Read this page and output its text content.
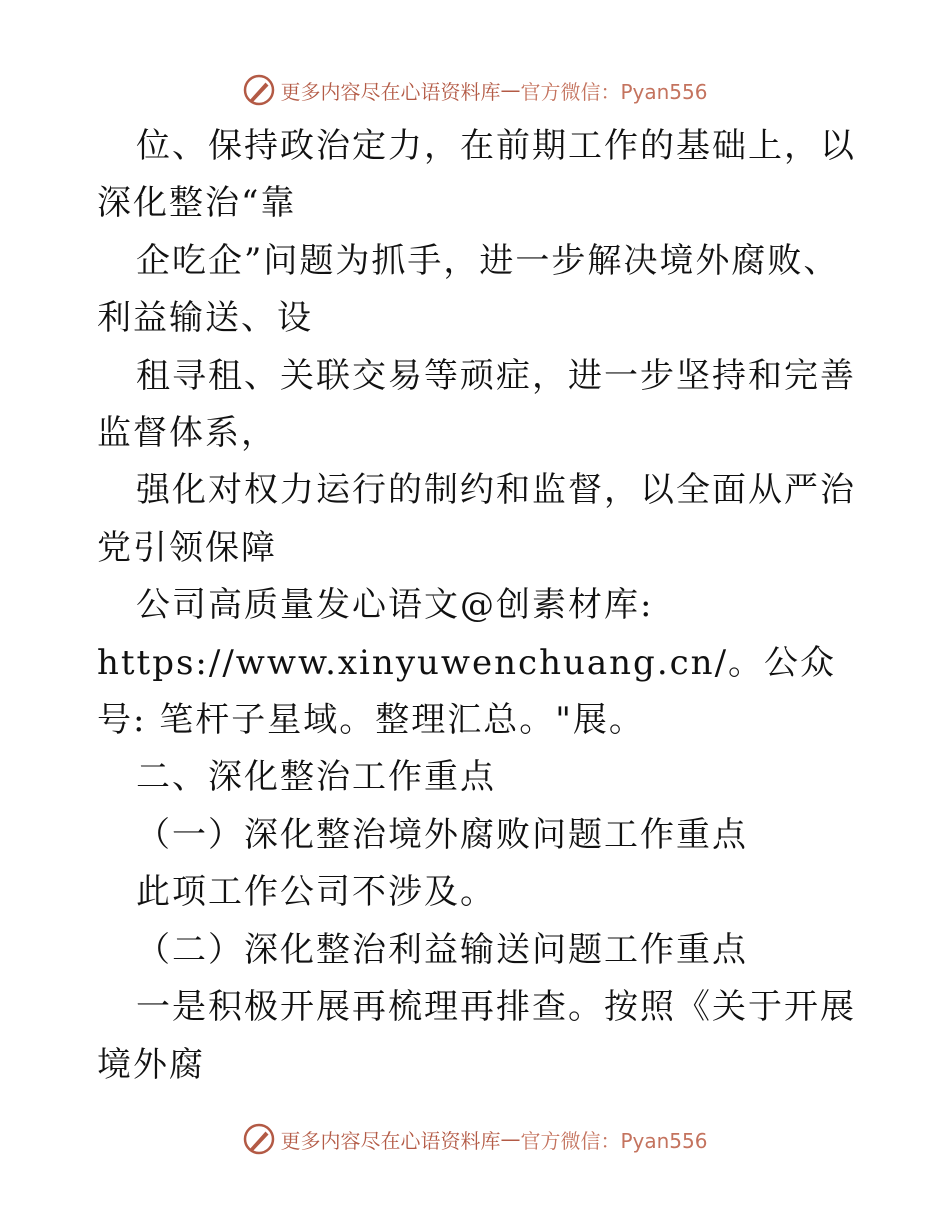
更多内容尽在心语资料库 — 官方微信：Pyan556

位、保持政治定力，在前期工作的基础上，以深化整治“靠

企吃企”问题为抓手，进一步解决境外腐败、利益输送、设

租寻租、关联交易等顽症，进一步坚持和完善监督体系，

强化对权力运行的制约和监督，以全面从严治党引领保障

公司高质量发心语文@创素材库: https://www.xinyuwenchuang.cn/。公众号: 笔杆子星域。整理汇总。"展。

二、深化整治工作重点

（一）深化整治境外腐败问题工作重点

此项工作公司不涉及。

（二）深化整治利益输送问题工作重点

一是积极开展再梳理再排查。按照《关于开展境外腐

更多内容尽在心语资料库 — 官方微信：Pyan556
